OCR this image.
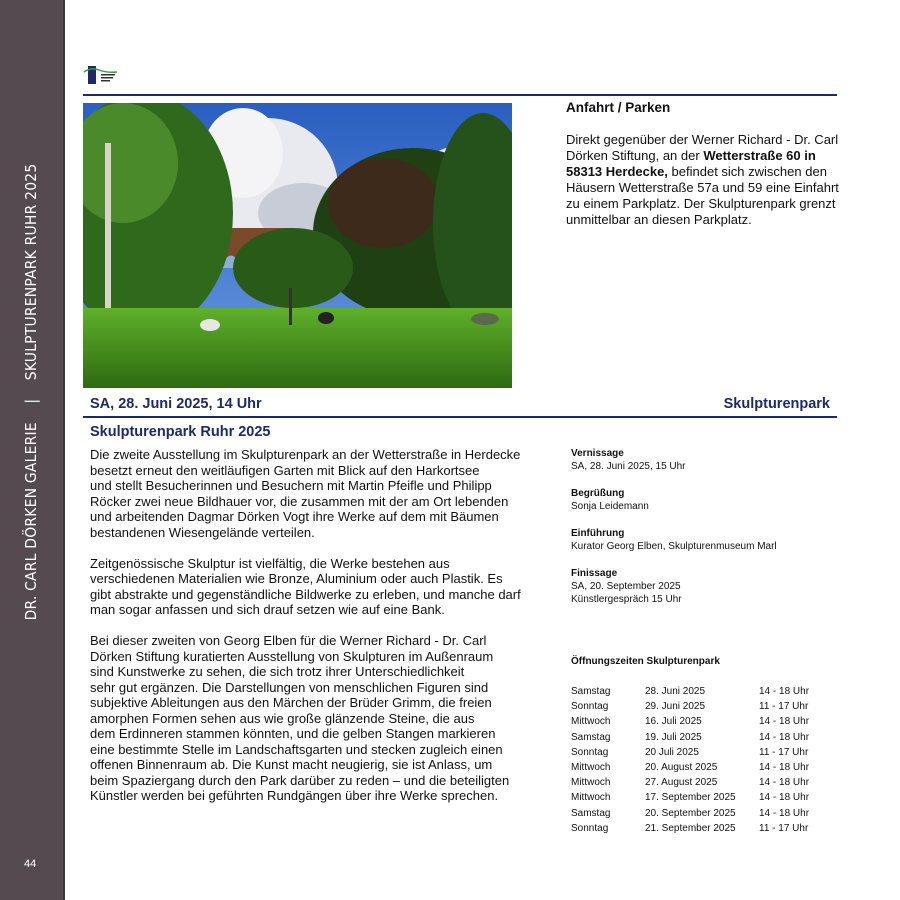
DR. CARL DÖRKEN GALERIE    |    SKULPTURENPARK RUHR 2025
44
Anfahrt / Parken
Direkt gegenüber der Werner Richard - Dr. Carl Dörken Stiftung, an der Wetterstraße 60 in 58313 Herdecke, befindet sich zwischen den Häusern Wetterstraße 57a und 59 eine Einfahrt zu einem Parkplatz. Der Skulpturenpark grenzt unmittelbar an diesen Parkplatz.
SA, 28. Juni 2025, 14 Uhr	Skulpturenpark
Skulpturenpark Ruhr 2025

Die zweite Ausstellung im Skulpturenpark an der Wetterstraße in Herdecke
besetzt erneut den weitläufigen Garten mit Blick auf den Harkortsee
und stellt Besucherinnen und Besuchern mit Martin Pfeifle und Philipp
Röcker zwei neue Bildhauer vor, die zusammen mit der am Ort lebenden
und arbeitenden Dagmar Dörken Vogt ihre Werke auf dem mit Bäumen
bestandenen Wiesengelände verteilen.

Zeitgenössische Skulptur ist vielfältig, die Werke bestehen aus
verschiedenen Materialien wie Bronze, Aluminium oder auch Plastik. Es
gibt abstrakte und gegenständliche Bildwerke zu erleben, und manche darf
man sogar anfassen und sich drauf setzen wie auf eine Bank.

Bei dieser zweiten von Georg Elben für die Werner Richard - Dr. Carl
Dörken Stiftung kuratierten Ausstellung von Skulpturen im Außenraum
sind Kunstwerke zu sehen, die sich trotz ihrer Unterschiedlichkeit
sehr gut ergänzen. Die Darstellungen von menschlichen Figuren sind
subjektive Ableitungen aus den Märchen der Brüder Grimm, die freien
amorphen Formen sehen aus wie große glänzende Steine, die aus
dem Erdinneren stammen könnten, und die gelben Stangen markieren
eine bestimmte Stelle im Landschaftsgarten und stecken zugleich einen
offenen Binnenraum ab. Die Kunst macht neugierig, sie ist Anlass, um
beim Spaziergang durch den Park darüber zu reden – und die beteiligten
Künstler werden bei geführten Rundgängen über ihre Werke sprechen.

Vernissage
SA, 28. Juni 2025, 15 Uhr
Begrüßung
Sonja Leidemann
Einführung
Kurator Georg Elben, Skulpturenmuseum Marl
Finissage
SA, 20. September 2025
Künstlergespräch 15 Uhr
Öffnungszeiten Skulpturenpark
Samstag	28. Juni 2025	14 - 18 Uhr
Sonntag	29. Juni 2025	11 - 17 Uhr
Mittwoch	16. Juli 2025	14 - 18 Uhr
Samstag	19. Juli 2025	14 - 18 Uhr
Sonntag	20 Juli 2025	11 - 17 Uhr
Mittwoch	20. August 2025	14 - 18 Uhr
Mittwoch	27. August 2025	14 - 18 Uhr
Mittwoch	17. September 2025	14 - 18 Uhr
Samstag	20. September 2025	14 - 18 Uhr
Sonntag	21. September 2025	11 - 17 Uhr
